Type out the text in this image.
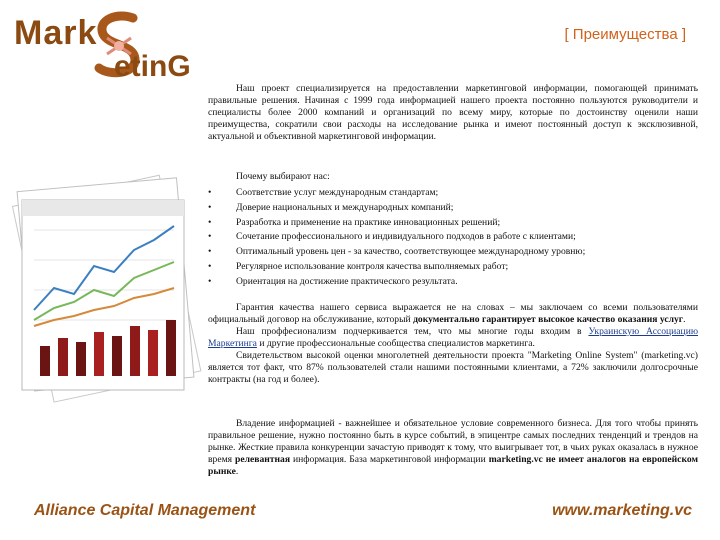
Mark
etinG
[ Преимущества ]

Наш проект специализируется на предоставлении маркетинговой информации, помогающей принимать правильные решения. Начиная с 1999 года информацией нашего проекта постоянно пользуются руководители и специалисты более 2000 компаний и организаций по всему миру, которые по достоинству оценили наши преимущества, сократили свои расходы на исследование рынка и имеют постоянный доступ к эксклюзивной, актуальной и объективной маркетинговой информации.

Почему выбирают нас:
• Соответствие услуг международным стандартам;
• Доверие национальных и международных компаний;
• Разработка и применение на практике инновационных решений;
• Сочетание профессионального и индивидуального подходов в работе с клиентами;
• Оптимальный уровень цен - за качество, соответствующее международному уровню;
• Регулярное использование контроля качества выполняемых работ;
• Ориентация на достижение практического результата.

Гарантия качества нашего сервиса выражается не на словах – мы заключаем со всеми пользователями официальный договор на обслуживание, который документально гарантирует высокое качество оказания услуг.

Наш проффесионализм подчеркивается тем, что мы многие годы входим в Украинскую Ассоциацию Маркетинга и другие профессиональные сообщества специалистов маркетинга.

Свидетельством высокой оценки многолетней деятельности проекта "Marketing Online System" (marketing.vc) является тот факт, что 87% пользователей стали нашими постоянными клиентами, а 72% заключили долгосрочные контракты (на год и более).

Владение информацией - важнейшее и обязательное условие современного бизнеса. Для того чтобы принять правильное решение, нужно постоянно быть в курсе событий, в эпицентре самых последних тенденций и трендов на рынке. Жесткие правила конкуренции зачастую приводят к тому, что выигрывает тот, в чьих руках оказалась в нужное время релевантная информация. База маркетинговой информации marketing.vc не имеет аналогов на европейском рынке.

Alliance Capital Management	www.marketing.vc
